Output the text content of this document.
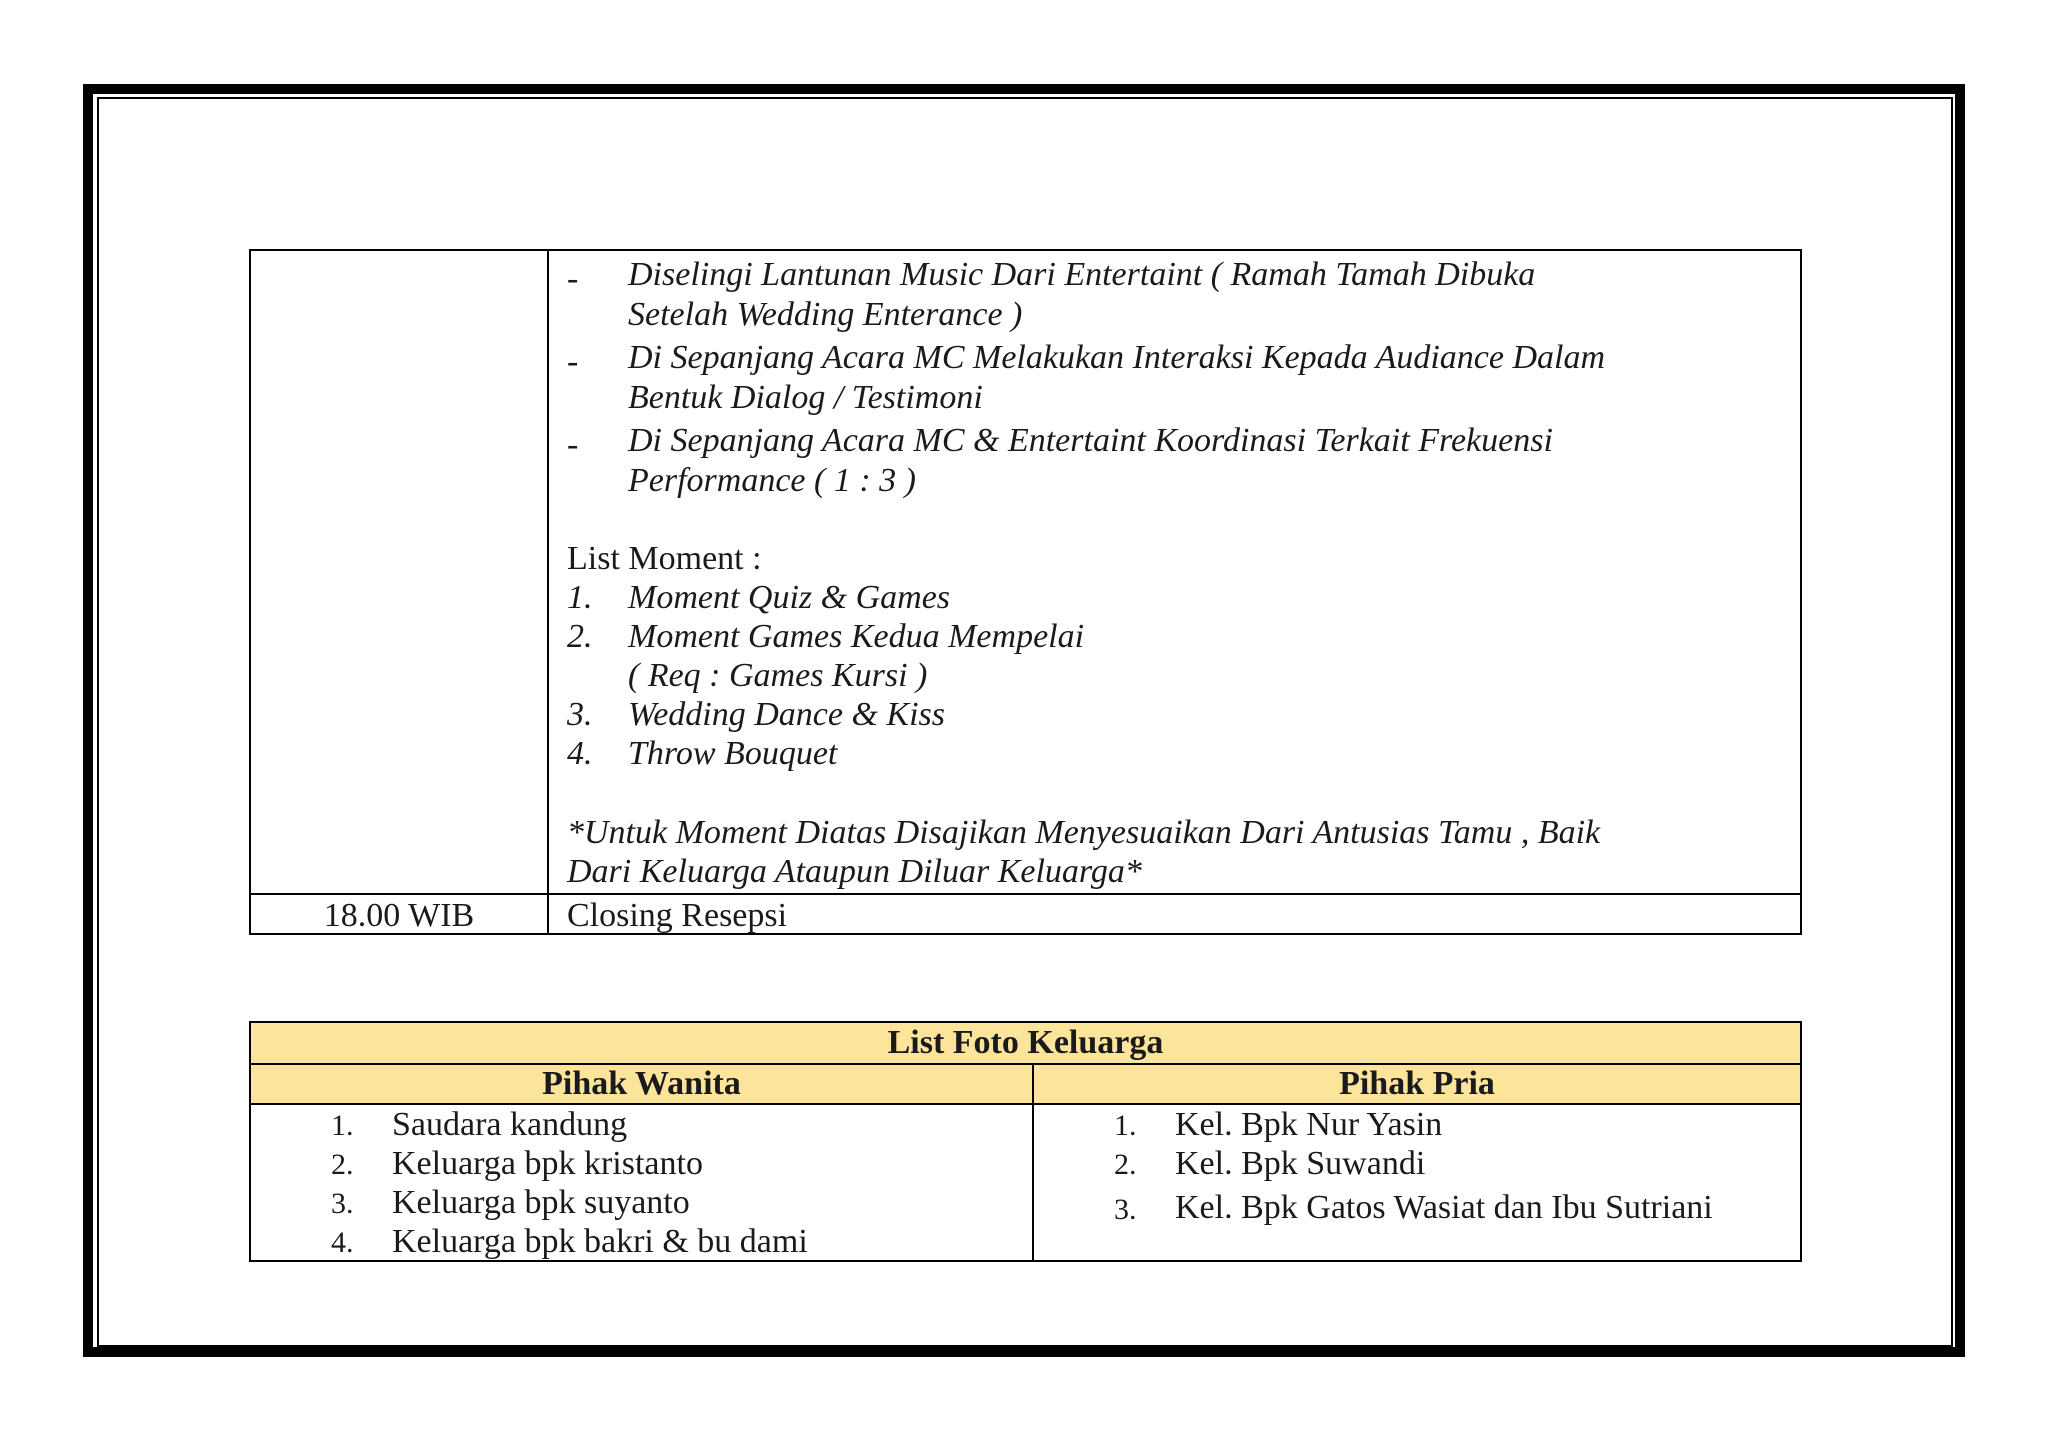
- Diselingi Lantunan Music Dari Entertaint ( Ramah Tamah Dibuka
Setelah Wedding Enterance )
- Di Sepanjang Acara MC Melakukan Interaksi Kepada Audiance Dalam
Bentuk Dialog / Testimoni
- Di Sepanjang Acara MC & Entertaint Koordinasi Terkait Frekuensi
Performance ( 1 : 3 )
List Moment :
1. Moment Quiz & Games
2. Moment Games Kedua Mempelai
( Req : Games Kursi )
3. Wedding Dance & Kiss
4. Throw Bouquet
*Untuk Moment Diatas Disajikan Menyesuaikan Dari Antusias Tamu , Baik
Dari Keluarga Ataupun Diluar Keluarga*
18.00 WIB	Closing Resepsi
List Foto Keluarga
Pihak Wanita	Pihak Pria
1. Saudara kandung
2. Keluarga bpk kristanto
3. Keluarga bpk suyanto
4. Keluarga bpk bakri & bu dami
1. Kel. Bpk Nur Yasin
2. Kel. Bpk Suwandi
3. Kel. Bpk Gatos Wasiat dan Ibu Sutriani
